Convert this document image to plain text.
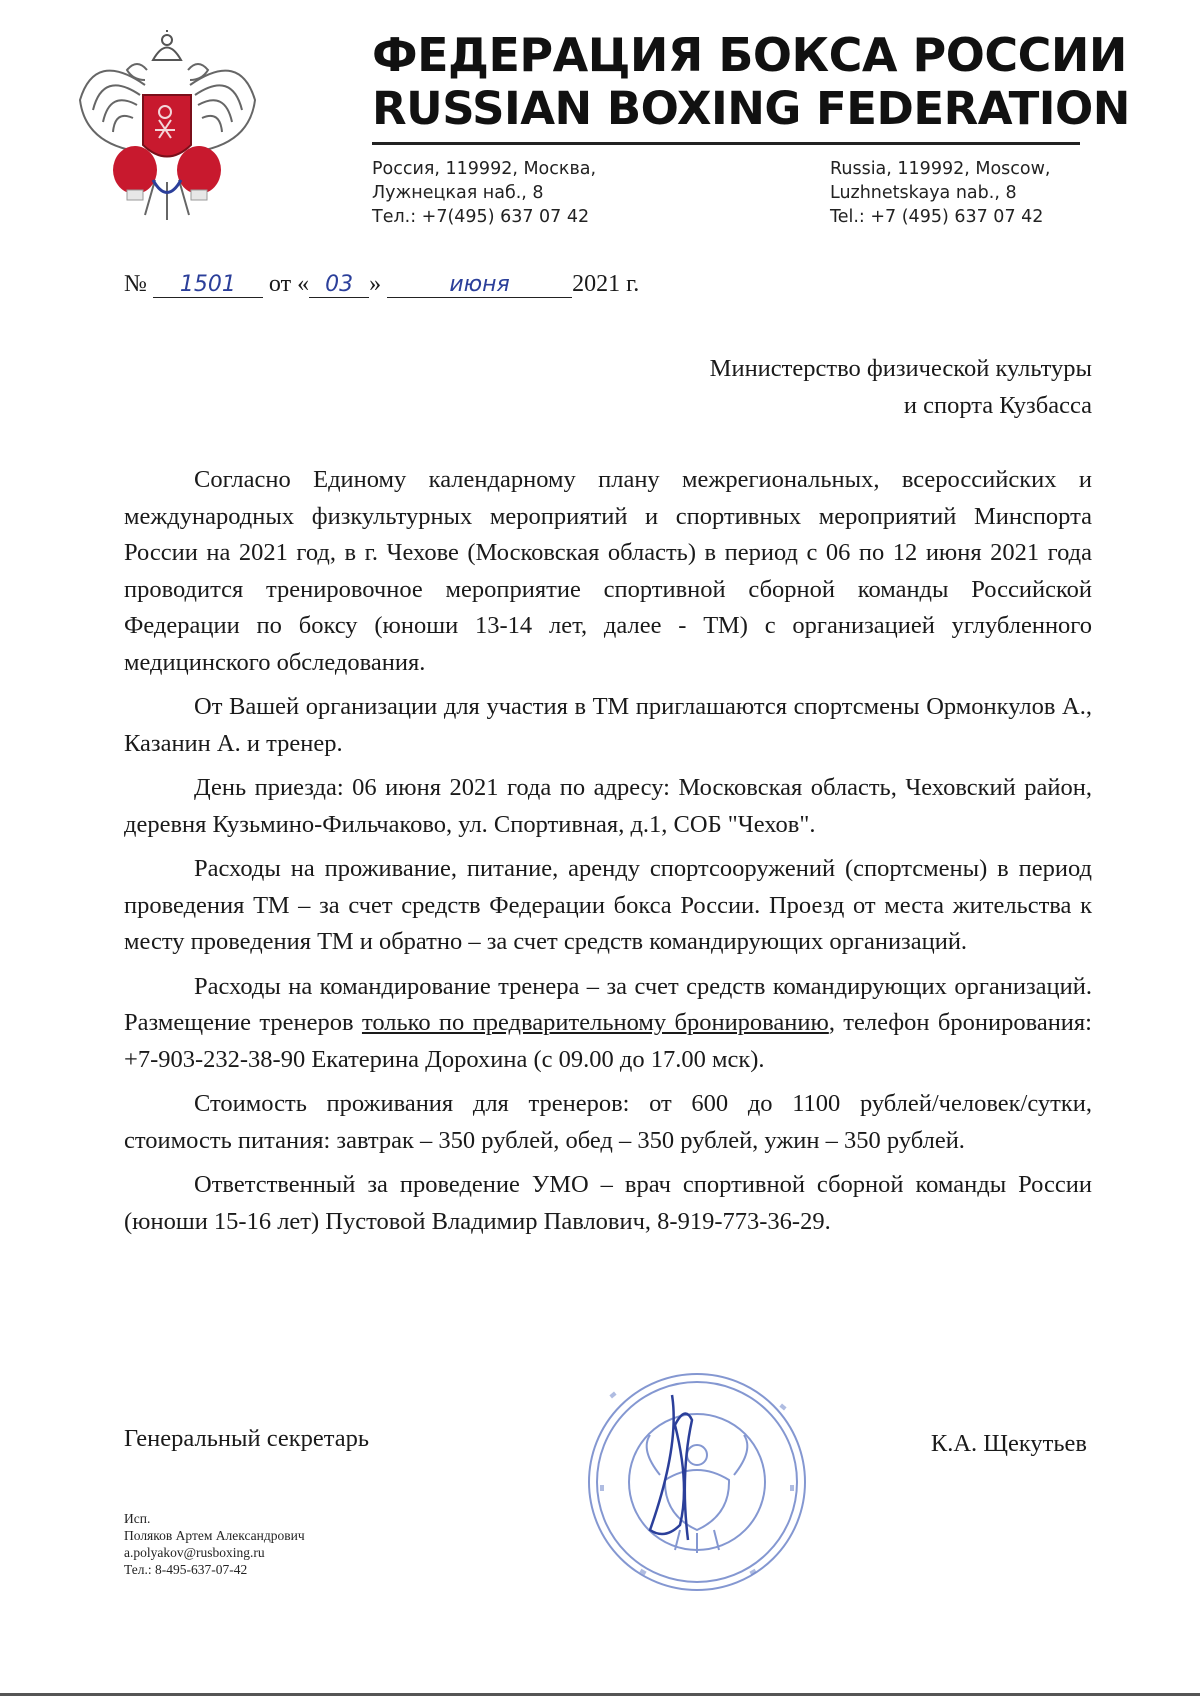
ФЕДЕРАЦИЯ БОКСА РОССИИ
RUSSIAN BOXING FEDERATION
Россия, 119992, Москва,
Лужнецкая наб., 8
Тел.: +7(495) 637 07 42
Russia, 119992, Moscow,
Luzhnetskaya nab., 8
Tel.: +7 (495) 637 07 42
№ 1501 от « 03 »	июня	2021 г.
Министерство физической культуры
и спорта Кузбасса

Согласно Единому календарному плану межрегиональных, всероссийских и международных физкультурных мероприятий и спортивных мероприятий Минспорта России на 2021 год, в г. Чехове (Московская область) в период с 06 по 12 июня 2021 года проводится тренировочное мероприятие спортивной сборной команды Российской Федерации по боксу (юноши 13-14 лет, далее - ТМ) с организацией углубленного медицинского обследования.

От Вашей организации для участия в ТМ приглашаются спортсмены Ормонкулов А., Казанин А. и тренер.

День приезда: 06 июня 2021 года по адресу: Московская область, Чеховский район, деревня Кузьмино-Фильчаково, ул. Спортивная, д.1, СОБ "Чехов".

Расходы на проживание, питание, аренду спортсооружений (спортсмены) в период проведения ТМ – за счет средств Федерации бокса России. Проезд от места жительства к месту проведения ТМ и обратно – за счет средств командирующих организаций.

Расходы на командирование тренера – за счет средств командирующих организаций. Размещение тренеров только по предварительному бронированию, телефон бронирования: +7-903-232-38-90 Екатерина Дорохина (с 09.00 до 17.00 мск).

Стоимость проживания для тренеров: от 600 до 1100 рублей/человек/сутки, стоимость питания: завтрак – 350 рублей, обед – 350 рублей, ужин – 350 рублей.

Ответственный за проведение УМО – врач спортивной сборной команды России (юноши 15-16 лет) Пустовой Владимир Павлович, 8-919-773-36-29.

Генеральный секретарь	К.А. Щекутьев
Исп.
Поляков Артем Александрович
a.polyakov@rusboxing.ru
Тел.: 8-495-637-07-42
